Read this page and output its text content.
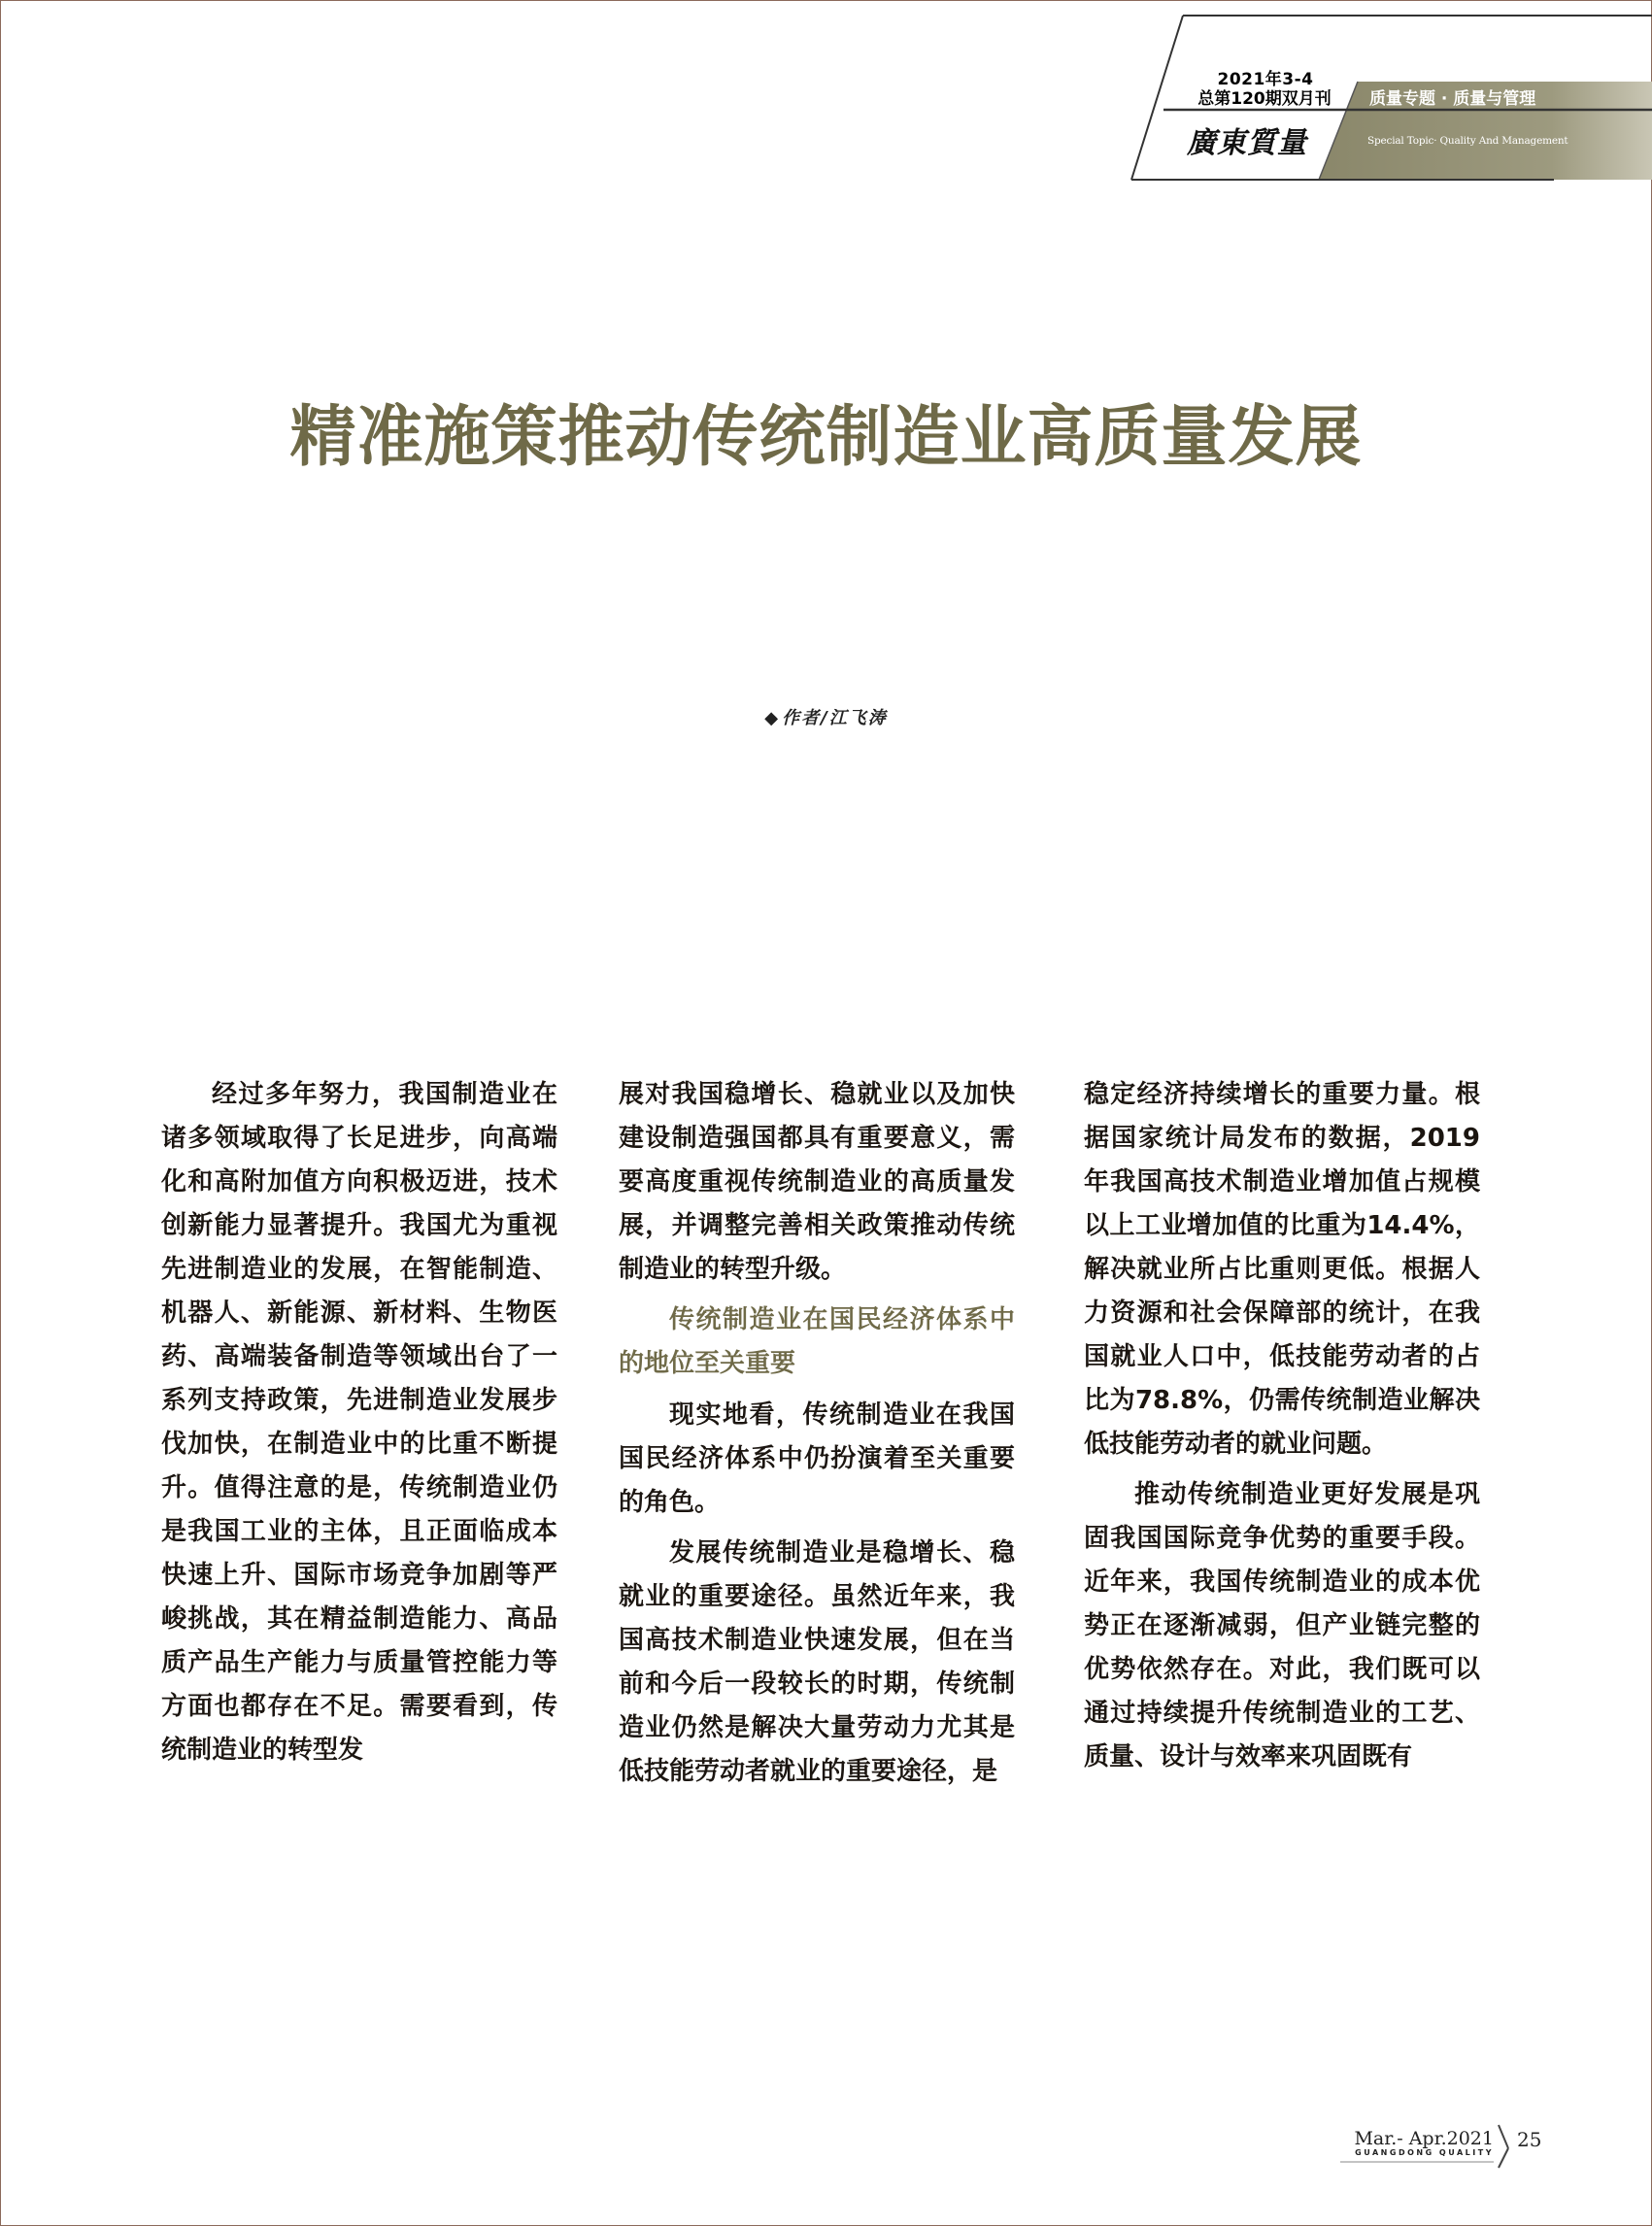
2021年3-4
总第120期双月刊	质量专题 · 质量与管理
廣東質量	Special Topic· Quality And Management
精准施策推动传统制造业高质量发展
◆ 作者/江飞涛

经过多年努力，我国制造业在诸多领域取得了长足进步，向高端化和高附加值方向积极迈进，技术创新能力显著提升。我国尤为重视先进制造业的发展，在智能制造、机器人、新能源、新材料、生物医药、高端装备制造等领域出台了一系列支持政策，先进制造业发展步伐加快，在制造业中的比重不断提升。值得注意的是，传统制造业仍是我国工业的主体，且正面临成本快速上升、国际市场竞争加剧等严峻挑战，其在精益制造能力、高品质产品生产能力与质量管控能力等方面也都存在不足。需要看到，传统制造业的转型发

展对我国稳增长、稳就业以及加快建设制造强国都具有重要意义，需要高度重视传统制造业的高质量发展，并调整完善相关政策推动传统制造业的转型升级。

传统制造业在国民经济体系中的地位至关重要

现实地看，传统制造业在我国国民经济体系中仍扮演着至关重要的角色。

发展传统制造业是稳增长、稳就业的重要途径。虽然近年来，我国高技术制造业快速发展，但在当前和今后一段较长的时期，传统制造业仍然是解决大量劳动力尤其是低技能劳动者就业的重要途径，是

稳定经济持续增长的重要力量。根据国家统计局发布的数据，2019年我国高技术制造业增加值占规模以上工业增加值的比重为14.4%，解决就业所占比重则更低。根据人力资源和社会保障部的统计，在我国就业人口中，低技能劳动者的占比为78.8%，仍需传统制造业解决低技能劳动者的就业问题。

推动传统制造业更好发展是巩固我国国际竞争优势的重要手段。近年来，我国传统制造业的成本优势正在逐渐减弱，但产业链完整的优势依然存在。对此，我们既可以通过持续提升传统制造业的工艺、质量、设计与效率来巩固既有

Mar.- Apr.2021
GUANGDONG QUALITY
25
